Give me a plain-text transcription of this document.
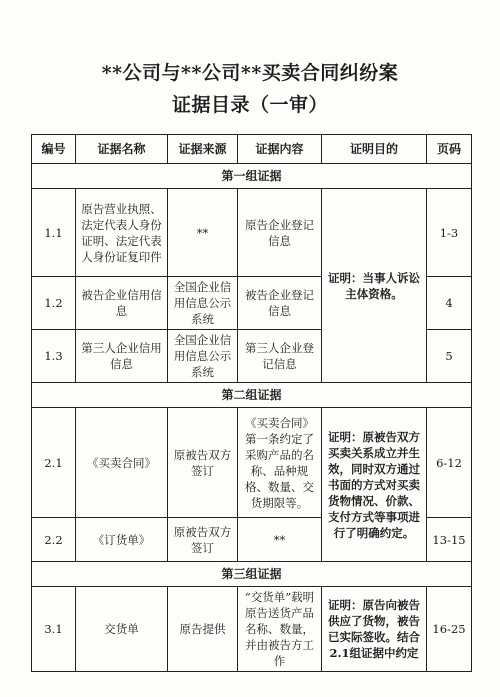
**公司与**公司**买卖合同纠纷案
证据目录（一审）
编号	证据名称	证据来源	证据内容	证明目的	页码
第一组证据					
1.1	原告营业执照、法定代表人身份证明、法定代表人身份证复印件	**	原告企业登记信息	证明：当事人诉讼主体资格。	1-3
1.2	被告企业信用信息	全国企业信用信息公示系统	被告企业登记信息		4
1.3	第三人企业信用信息	全国企业信用信息公示系统	第三人企业登记信息		5
第二组证据					
2.1	《买卖合同》	原被告双方签订	《买卖合同》第一条约定了采购产品的名称、品种规格、数量、交货期限等。	证明：原被告双方买卖关系成立并生效，同时双方通过书面的方式对买卖货物情况、价款、支付方式等事项进行了明确约定。	6-12
2.2	《订货单》	原被告双方签订	**		13-15
第三组证据					
3.1	交货单	原告提供	“交货单”载明原告送货产品名称、数量，并由被告方工作	证明：原告向被告供应了货物，被告已实际签收。结合2.1组证据中约定	16-25
